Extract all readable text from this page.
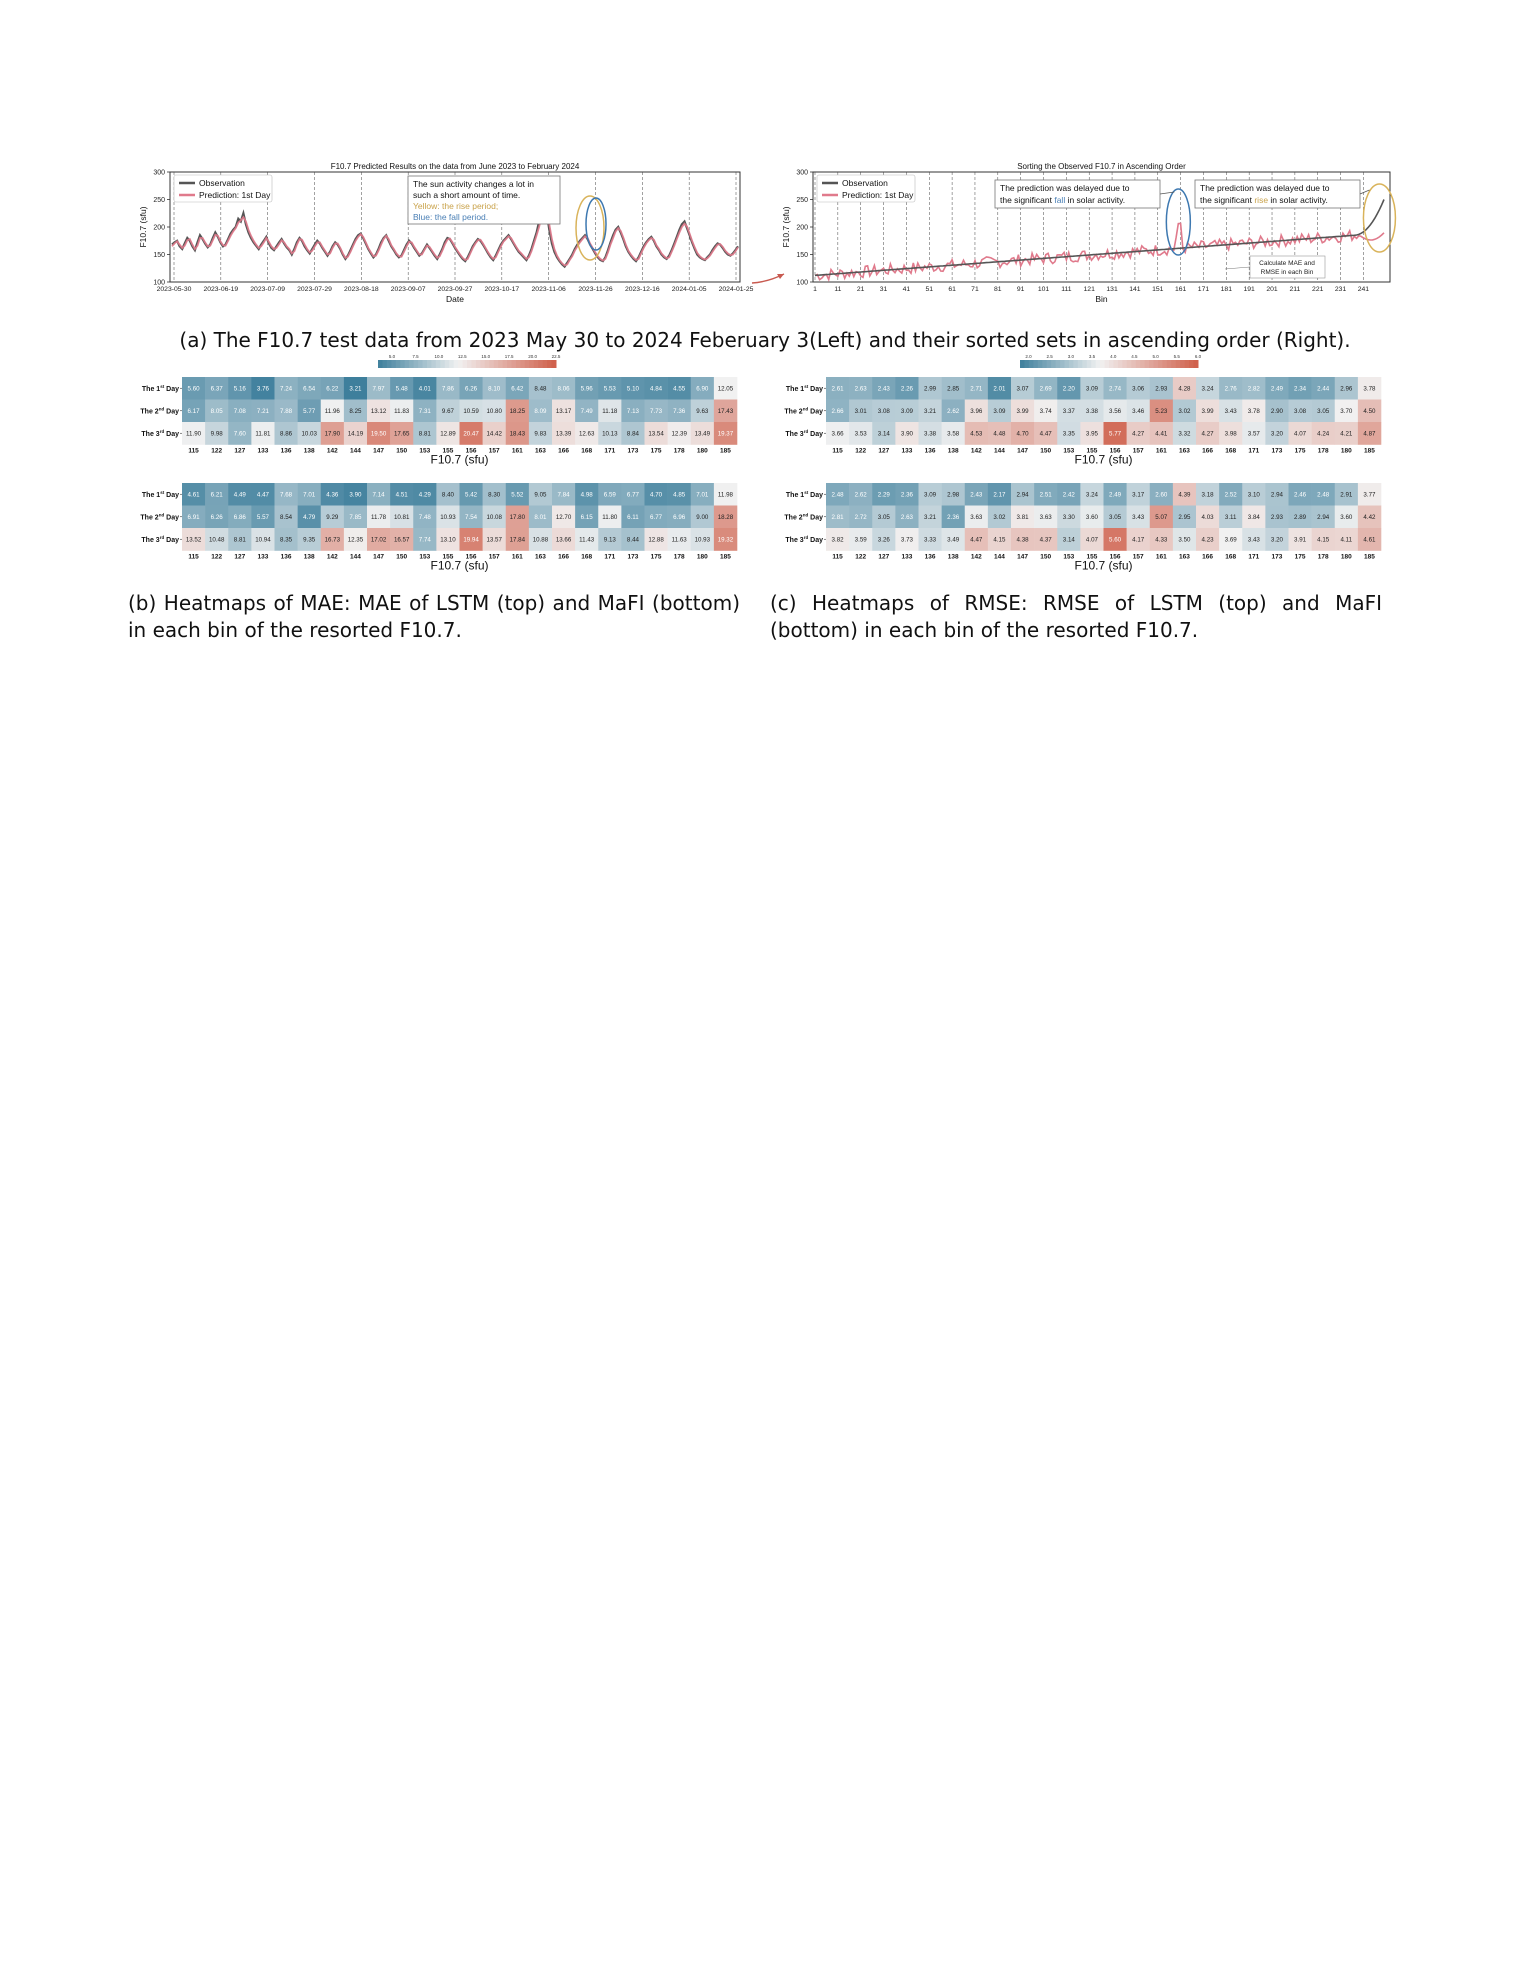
100
150
200
250
300
2023-05-30 2023-06-19 2023-07-09 2023-07-29 2023-08-18 2023-09-07 2023-09-27 2023-10-17 2023-11-06 2023-11-26 2023-12-16 2024-01-05 2024-01-25
F10.7 Predicted Results on the data from June 2023 to February 2024
Date
F10.7 (sfu)
Observation
Prediction: 1st Day
The sun activity changes a lot in
such a short amount of time.
Yellow: the rise period;
Blue: the fall period.
100
150
200
250
300
1	11 21 31 41 51 61 71 81 91 101 111 121 131 141 151 161 171 181 191 201 211 221 231 241
Sorting the Observed F10.7 in Ascending Order
Bin
F10.7 (sfu)
Observation
Prediction: 1st Day
The prediction was delayed due to
the significant fall in solar activity.
The prediction was delayed due to
the significant rise in solar activity.
Calculate MAE and
RMSE in each Bin
(a) The F10.7 test data from 2023 May 30 to 2024 Feberuary 3(Left) and their sorted sets in ascending order (Right).
5.0	7.5	10.0	12.5	15.0	17.5	20.0	22.5	2.0	2.5	3.0	3.5	4.0	4.5	5.0	5.5	6.0
The 1st Day 5.60 6.37 5.16 3.76 7.24 6.54 6.22 3.21 7.97 5.48 4.01 7.86 6.26 8.10 6.42 8.48 8.06 5.96 5.53 5.10 4.84 4.55 6.90 12.05
The 2nd Day 6.17 8.05 7.08 7.21 7.88 5.77 11.96 8.25 13.12 11.83 7.31 9.67 10.59 10.80 18.25 8.09 13.17 7.49 11.18 7.13 7.73 7.36 9.63 17.43
The 3rd Day 11.90 9.98 7.60 11.81 8.86 10.03 17.90 14.19 19.50 17.65 8.81 12.89 20.47 14.42 18.43 9.83 13.39 12.63 10.13 8.84 13.54 12.39 13.49 19.37
115 122 127 133 136 138 142 144 147 150 153 155 156 157 161 163 166 168 171 173 175 178 180 185
F10.7 (sfu)
The 1st Day 4.61 6.21 4.49 4.47 7.68 7.01 4.36 3.90 7.14 4.51 4.29 8.40 5.42 8.30 5.52 9.05 7.84 4.98 6.59 6.77 4.70 4.85 7.01 11.98
The 2nd Day 6.91 6.26 6.86 5.57 8.54 4.79 9.29 7.85 11.78 10.81 7.48 10.93 7.54 10.08 17.80 8.01 12.70 6.15 11.80 6.11 6.77 6.96 9.00 18.28
The 3rd Day 13.52 10.48 8.81 10.94 8.35 9.35 16.73 12.35 17.02 16.57 7.74 13.10 19.94 13.57 17.84 10.88 13.66 11.43 9.13 8.44 12.88 11.63 10.93 19.32
115 122 127 133 136 138 142 144 147 150 153 155 156 157 161 163 166 168 171 173 175 178 180 185
F10.7 (sfu)
The 1st Day 2.61 2.63 2.43 2.26 2.99 2.85 2.71 2.01 3.07 2.69 2.20 3.09 2.74 3.06 2.93 4.28 3.24 2.76 2.82 2.49 2.34 2.44 2.96 3.78
The 2nd Day 2.66 3.01 3.08 3.09 3.21 2.62 3.96 3.09 3.99 3.74 3.37 3.38 3.56 3.46 5.23 3.02 3.99 3.43 3.78 2.90 3.08 3.05 3.70 4.50
The 3rd Day 3.66 3.53 3.14 3.90 3.38 3.58 4.53 4.48 4.70 4.47 3.35 3.95 5.77 4.27 4.41 3.32 4.27 3.98 3.57 3.20 4.07 4.24 4.21 4.87
115 122 127 133 136 138 142 144 147 150 153 155 156 157 161 163 166 168 171 173 175 178 180 185
F10.7 (sfu)
The 1st Day 2.48 2.62 2.29 2.36 3.09 2.98 2.43 2.17 2.94 2.51 2.42 3.24 2.49 3.17 2.60 4.39 3.18 2.52 3.10 2.94 2.46 2.48 2.91 3.77
The 2nd Day 2.81 2.72 3.05 2.63 3.21 2.36 3.63 3.02 3.81 3.63 3.30 3.60 3.05 3.43 5.07 2.95 4.03 3.11 3.84 2.93 2.89 2.94 3.60 4.42
The 3rd Day 3.82 3.59 3.26 3.73 3.33 3.49 4.47 4.15 4.38 4.37 3.14 4.07 5.60 4.17 4.33 3.50 4.23 3.69 3.43 3.20 3.91 4.15 4.11 4.61
115 122 127 133 136 138 142 144 147 150 153 155 156 157 161 163 166 168 171 173 175 178 180 185
F10.7 (sfu)
(b) Heatmaps of MAE: MAE of LSTM (top) and MaFI (bottom) in each bin of the resorted F10.7.
(c) Heatmaps of RMSE: RMSE of LSTM (top) and MaFI (bottom) in each bin of the resorted F10.7.
